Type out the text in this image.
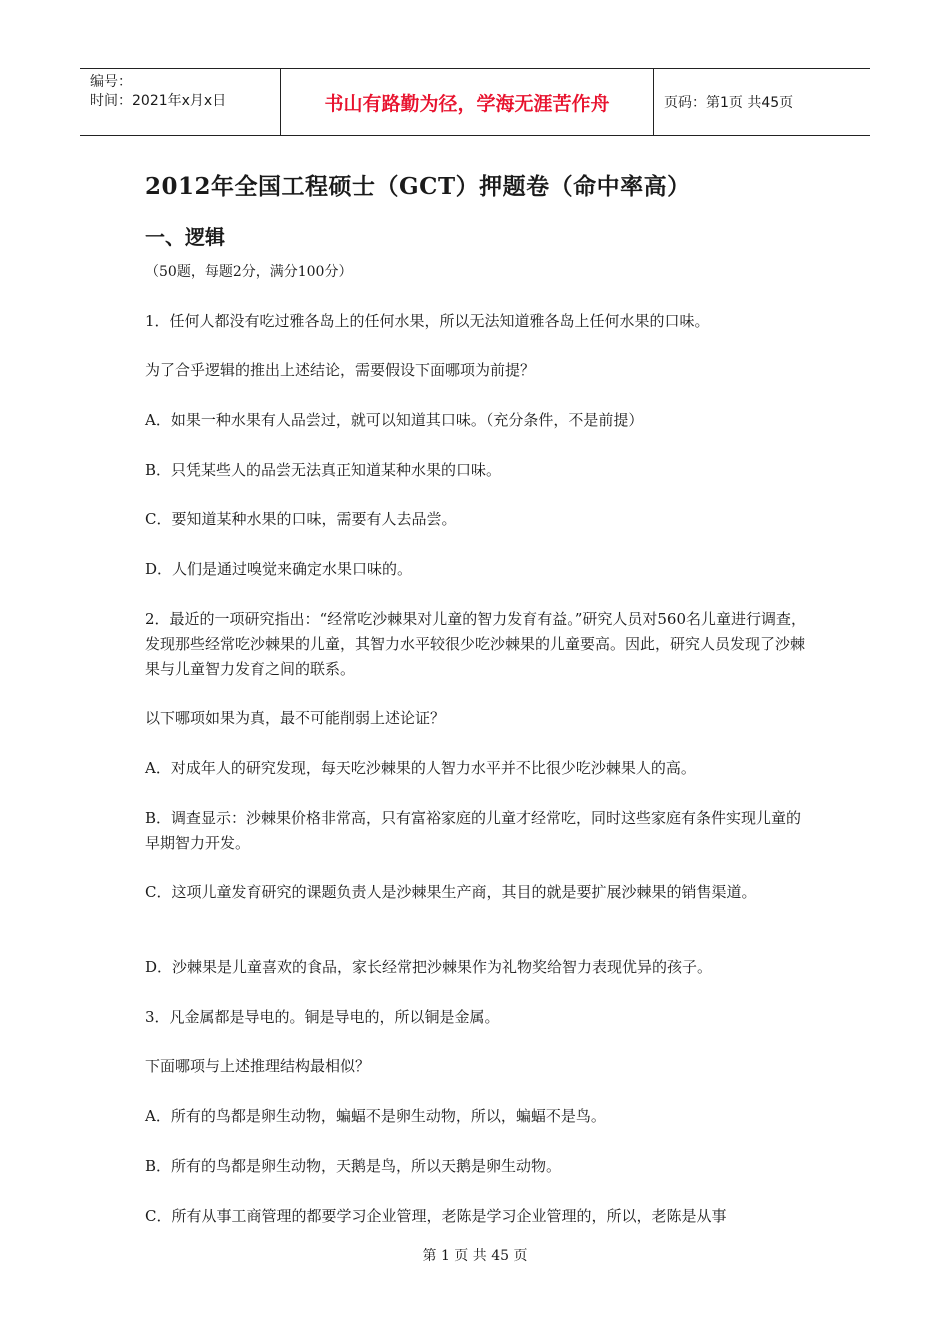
编号：
时间：2021年x月x日	书山有路勤为径，学海无涯苦作舟	页码：第1页 共45页
2012年全国工程硕士（GCT）押题卷（命中率高）
一、逻辑
（50题，每题2分，满分100分）
1．任何人都没有吃过雅各岛上的任何水果，所以无法知道雅各岛上任何水果的口味。
为了合乎逻辑的推出上述结论，需要假设下面哪项为前提？
A．如果一种水果有人品尝过，就可以知道其口味。（充分条件，不是前提）
B．只凭某些人的品尝无法真正知道某种水果的口味。
C．要知道某种水果的口味，需要有人去品尝。
D．人们是通过嗅觉来确定水果口味的。
2．最近的一项研究指出：“经常吃沙棘果对儿童的智力发育有益。”研究人员对560名儿童进行调查，发现那些经常吃沙棘果的儿童，其智力水平较很少吃沙棘果的儿童要高。因此，研究人员发现了沙棘果与儿童智力发育之间的联系。
以下哪项如果为真，最不可能削弱上述论证？
A．对成年人的研究发现，每天吃沙棘果的人智力水平并不比很少吃沙棘果人的高。
B．调查显示：沙棘果价格非常高，只有富裕家庭的儿童才经常吃，同时这些家庭有条件实现儿童的早期智力开发。
C．这项儿童发育研究的课题负责人是沙棘果生产商，其目的就是要扩展沙棘果的销售渠道。
D．沙棘果是儿童喜欢的食品，家长经常把沙棘果作为礼物奖给智力表现优异的孩子。
3．凡金属都是导电的。铜是导电的，所以铜是金属。
下面哪项与上述推理结构最相似？
A．所有的鸟都是卵生动物，蝙蝠不是卵生动物，所以，蝙蝠不是鸟。
B．所有的鸟都是卵生动物，天鹅是鸟，所以天鹅是卵生动物。
C．所有从事工商管理的都要学习企业管理，老陈是学习企业管理的，所以，老陈是从事
第 1 页 共 45 页
